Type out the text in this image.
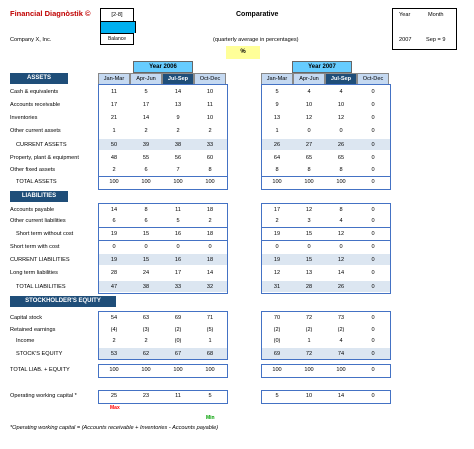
Financial Diagnòstik ©	[2-8]
Balance
Comparative
(quarterly average in percentages)
%
Company X, Inc.
Year	Month
2007	Sep = 9
Year 2006	Year 2007
Jan-Mar	Apr-Jun	Jul-Sep	Oct-Dec	Jan-Mar	Apr-Jun	Jul-Sep	Oct-Dec
ASSETS
LIABILITIES
STOCKHOLDER'S EQUITY
Cash & equivalents	11	5	14	10	5	4	4	0
Accounts receivable	17	17	13	11	9	10	10	0
Inventories	21	14	9	10	13	12	12	0
Other current assets	1	2	2	2	1	0	0	0
CURRENT ASSETS	50	39	38	33	26	27	26	0
Property, plant & equipment	48	55	56	60	64	65	65	0
Other fixed assets	2	6	7	8	8	8	8	0
TOTAL ASSETS	100	100	100	100	100	100	100	0
Accounts payable	14	8	11	18	17	12	8	0
Other current liabilities	6	6	5	2	2	3	4	0
Short term without cost	19	15	16	18	19	15	12	0
Short term with cost	0	0	0	0	0	0	0	0
CURRENT LIABILITIES	19	15	16	18	19	15	12	0
Long term liabilities	28	24	17	14	12	13	14	0
TOTAL LIABILITIES	47	38	33	32	31	28	26	0
Capital stock	54	63	69	71	70	72	73	0
Retained earnings	(4)	(3)	(2)	(5)	(2)	(2)	(2)	0
Income	2	2	(0)	1	(0)	1	4	0
STOCK'S EQUITY	53	62	67	68	69	72	74	0
TOTAL LIAB. + EQUITY	100	100	100	100	100	100	100	0
Operating working capital *	25	23	11	5	5	10	14	0
Max
Min
*Operating working capital = (Accounts receivable + Inventories - Accounts payable)
